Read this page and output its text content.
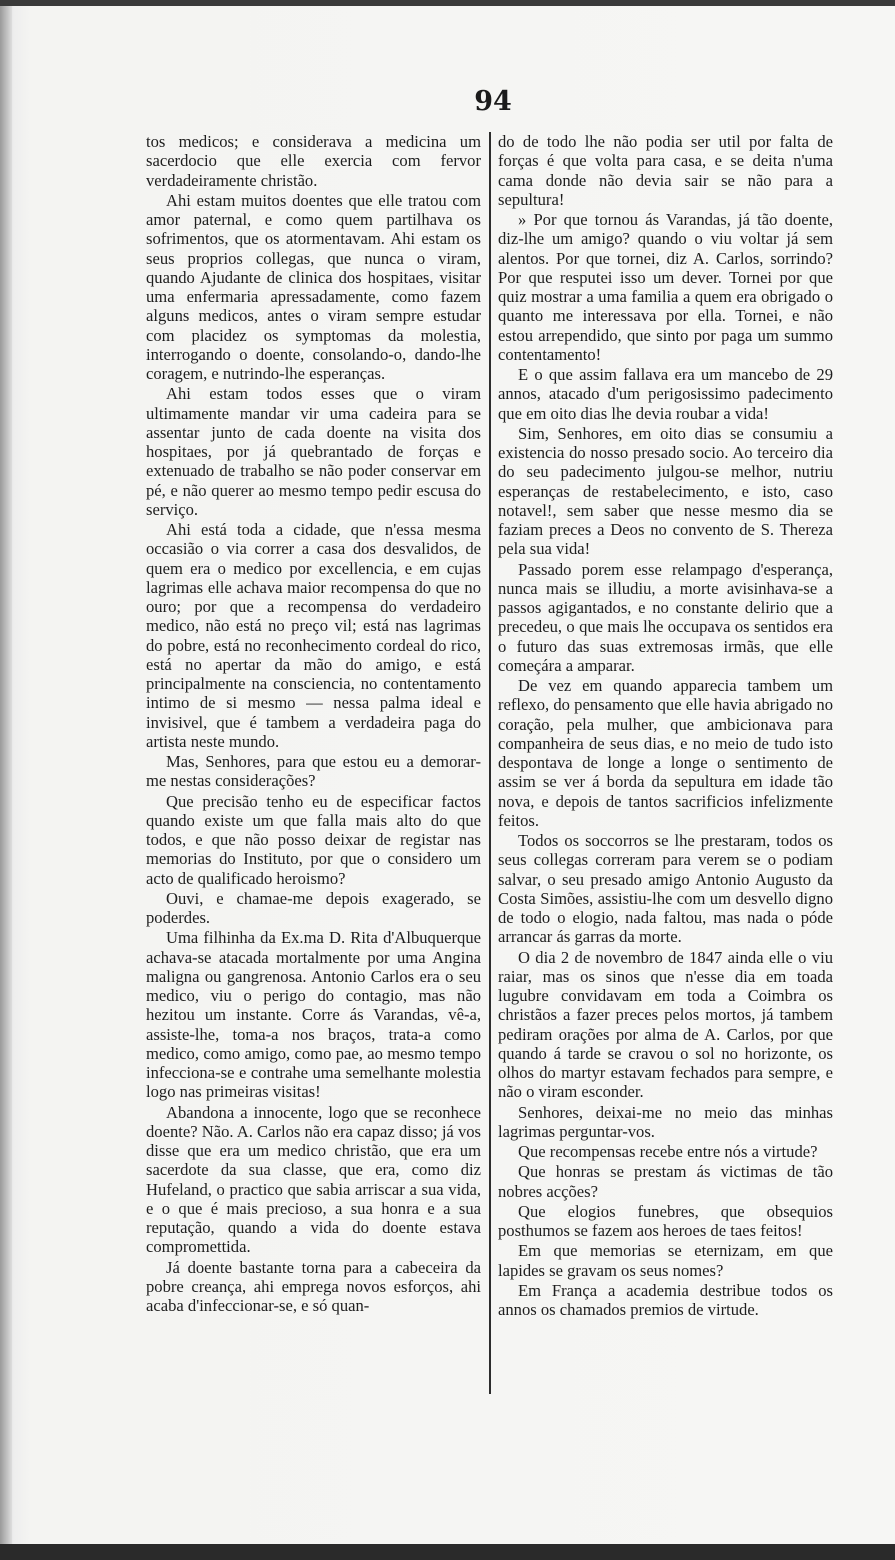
94

tos medicos; e considerava a medicina um sacerdocio que elle exercia com fervor verdadeiramente christão.

Ahi estam muitos doentes que elle tratou com amor paternal, e como quem partilhava os sofrimentos, que os atormentavam. Ahi estam os seus proprios collegas, que nunca o viram, quando Ajudante de clinica dos hospitaes, visitar uma enfermaria apressadamente, como fazem alguns medicos, antes o viram sempre estudar com placidez os symptomas da molestia, interrogando o doente, consolando-o, dando-lhe coragem, e nutrindo-lhe esperanças.

Ahi estam todos esses que o viram ultimamente mandar vir uma cadeira para se assentar junto de cada doente na visita dos hospitaes, por já quebrantado de forças e extenuado de trabalho se não poder conservar em pé, e não querer ao mesmo tempo pedir escusa do serviço.

Ahi está toda a cidade, que n'essa mesma occasião o via correr a casa dos desvalidos, de quem era o medico por excellencia, e em cujas lagrimas elle achava maior recompensa do que no ouro; por que a recompensa do verdadeiro medico, não está no preço vil; está nas lagrimas do pobre, está no reconhecimento cordeal do rico, está no apertar da mão do amigo, e está principalmente na consciencia, no contentamento intimo de si mesmo — nessa palma ideal e invisivel, que é tambem a verdadeira paga do artista neste mundo.

Mas, Senhores, para que estou eu a demorar-me nestas considerações?

Que precisão tenho eu de especificar factos quando existe um que falla mais alto do que todos, e que não posso deixar de registar nas memorias do Instituto, por que o considero um acto de qualificado heroismo?

Ouvi, e chamae-me depois exagerado, se poderdes.

Uma filhinha da Ex.ma D. Rita d'Albuquerque achava-se atacada mortalmente por uma Angina maligna ou gangrenosa. Antonio Carlos era o seu medico, viu o perigo do contagio, mas não hezitou um instante. Corre ás Varandas, vê-a, assiste-lhe, toma-a nos braços, trata-a como medico, como amigo, como pae, ao mesmo tempo infecciona-se e contrahe uma semelhante molestia logo nas primeiras visitas!

Abandona a innocente, logo que se reconhece doente? Não. A. Carlos não era capaz disso; já vos disse que era um medico christão, que era um sacerdote da sua classe, que era, como diz Hufeland, o practico que sabia arriscar a sua vida, e o que é mais precioso, a sua honra e a sua reputação, quando a vida do doente estava compromettida.

Já doente bastante torna para a cabeceira da pobre creança, ahi emprega novos esforços, ahi acaba d'infeccionar-se, e só quan-

do de todo lhe não podia ser util por falta de forças é que volta para casa, e se deita n'uma cama donde não devia sair se não para a sepultura!

» Por que tornou ás Varandas, já tão doente, diz-lhe um amigo? quando o viu voltar já sem alentos. Por que tornei, diz A. Carlos, sorrindo? Por que resputei isso um dever. Tornei por que quiz mostrar a uma familia a quem era obrigado o quanto me interessava por ella. Tornei, e não estou arrependido, que sinto por paga um summo contentamento!

E o que assim fallava era um mancebo de 29 annos, atacado d'um perigosissimo padecimento que em oito dias lhe devia roubar a vida!

Sim, Senhores, em oito dias se consumiu a existencia do nosso presado socio. Ao terceiro dia do seu padecimento julgou-se melhor, nutriu esperanças de restabelecimento, e isto, caso notavel!, sem saber que nesse mesmo dia se faziam preces a Deos no convento de S. Thereza pela sua vida!

Passado porem esse relampago d'esperança, nunca mais se illudiu, a morte avisinhava-se a passos agigantados, e no constante delirio que a precedeu, o que mais lhe occupava os sentidos era o futuro das suas extremosas irmãs, que elle começára a amparar.

De vez em quando apparecia tambem um reflexo, do pensamento que elle havia abrigado no coração, pela mulher, que ambicionava para companheira de seus dias, e no meio de tudo isto despontava de longe a longe o sentimento de assim se ver á borda da sepultura em idade tão nova, e depois de tantos sacrificios infelizmente feitos.

Todos os soccorros se lhe prestaram, todos os seus collegas correram para verem se o podiam salvar, o seu presado amigo Antonio Augusto da Costa Simões, assistiu-lhe com um desvello digno de todo o elogio, nada faltou, mas nada o póde arrancar ás garras da morte.

O dia 2 de novembro de 1847 ainda elle o viu raiar, mas os sinos que n'esse dia em toada lugubre convidavam em toda a Coimbra os christãos a fazer preces pelos mortos, já tambem pediram orações por alma de A. Carlos, por que quando á tarde se cravou o sol no horizonte, os olhos do martyr estavam fechados para sempre, e não o viram esconder.

Senhores, deixai-me no meio das minhas lagrimas perguntar-vos.

Que recompensas recebe entre nós a virtude?

Que honras se prestam ás victimas de tão nobres acções?

Que elogios funebres, que obsequios posthumos se fazem aos heroes de taes feitos!

Em que memorias se eternizam, em que lapides se gravam os seus nomes?

Em França a academia destribue todos os annos os chamados premios de virtude.
